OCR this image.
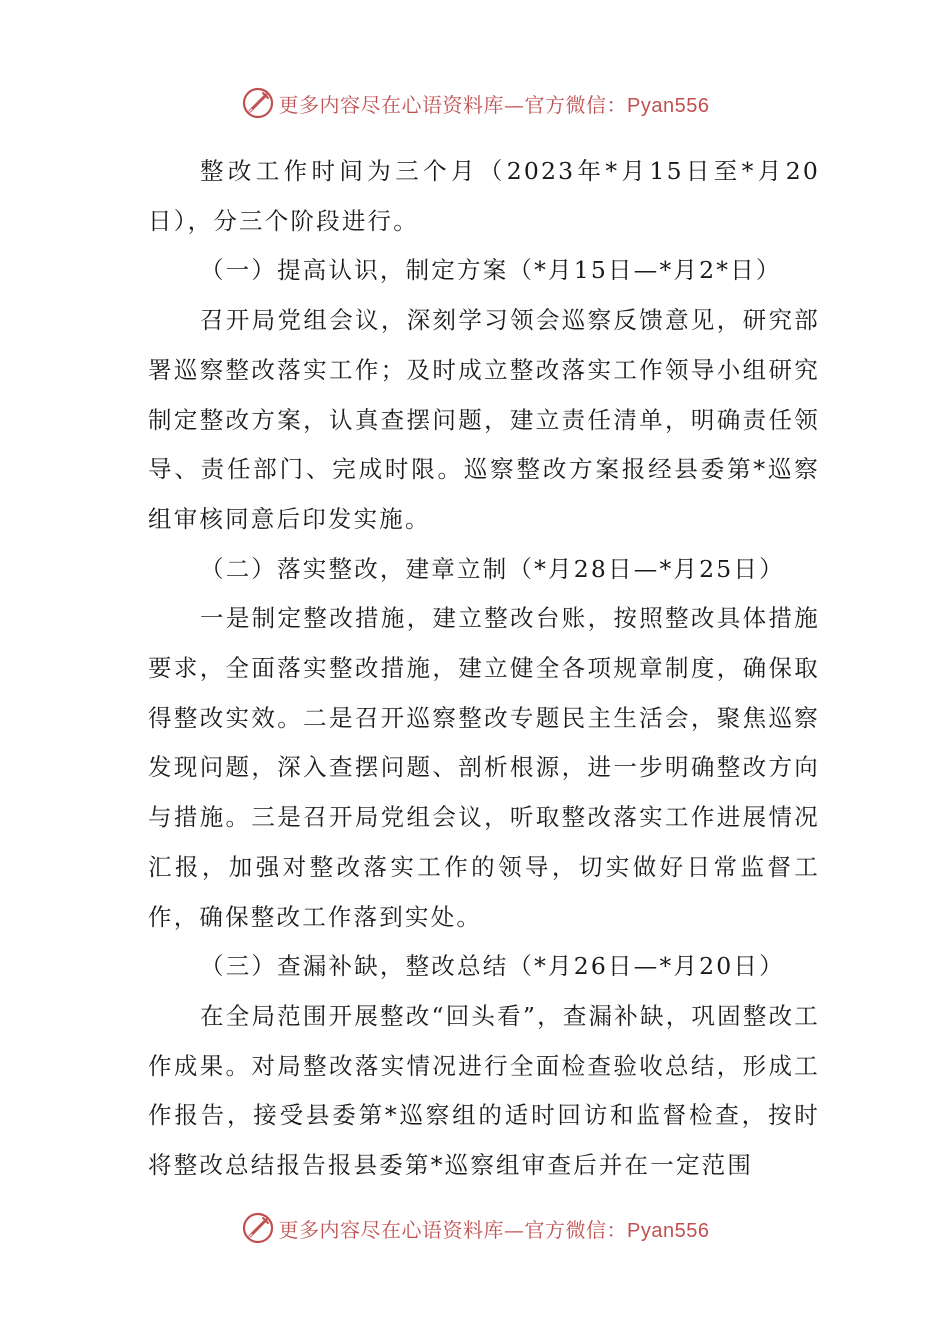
更多内容尽在心语资料库—官方微信：Pyan556

整改工作时间为三个月（2023年*月15日至*月20日），分三个阶段进行。

（一）提高认识，制定方案（*月15日—*月2*日）

召开局党组会议，深刻学习领会巡察反馈意见，研究部署巡察整改落实工作；及时成立整改落实工作领导小组研究制定整改方案，认真查摆问题，建立责任清单，明确责任领导、责任部门、完成时限。巡察整改方案报经县委第*巡察组审核同意后印发实施。

（二）落实整改，建章立制（*月28日—*月25日）

一是制定整改措施，建立整改台账，按照整改具体措施要求，全面落实整改措施，建立健全各项规章制度，确保取得整改实效。二是召开巡察整改专题民主生活会，聚焦巡察发现问题，深入查摆问题、剖析根源，进一步明确整改方向与措施。三是召开局党组会议，听取整改落实工作进展情况汇报，加强对整改落实工作的领导，切实做好日常监督工作，确保整改工作落到实处。

（三）查漏补缺，整改总结（*月26日—*月20日）

在全局范围开展整改“回头看”，查漏补缺，巩固整改工作成果。对局整改落实情况进行全面检查验收总结，形成工作报告，接受县委第*巡察组的适时回访和监督检查，按时将整改总结报告报县委第*巡察组审查后并在一定范围

更多内容尽在心语资料库—官方微信：Pyan556
